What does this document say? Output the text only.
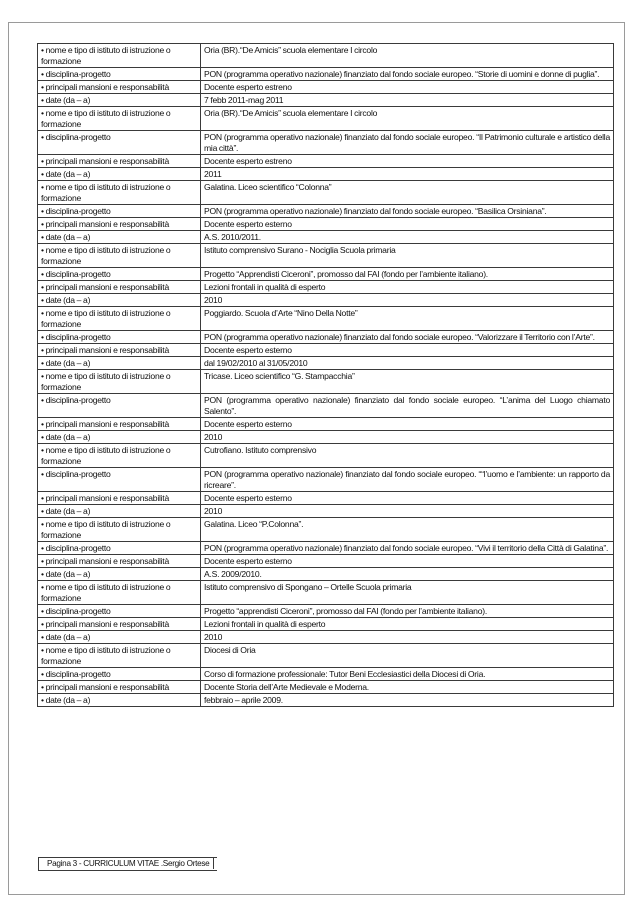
• nome e tipo di istituto di istruzione o formazione	Oria (BR).“De Amicis” scuola elementare I circolo
• disciplina-progetto	PON (programma operativo nazionale) finanziato dal fondo sociale europeo. “Storie di uomini e donne di puglia”.
• principali mansioni e responsabilità	Docente esperto estreno
• date (da – a)	7 febb 2011-mag 2011
• nome e tipo di istituto di istruzione o formazione	Oria (BR).“De Amicis” scuola elementare I circolo
• disciplina-progetto	PON (programma operativo nazionale) finanziato dal fondo sociale europeo. “Il Patrimonio culturale e artistico della mia città”.
• principali mansioni e responsabilità	Docente esperto estreno
• date (da – a)	2011
• nome e tipo di istituto di istruzione o formazione	Galatina. Liceo scientifico “Colonna”
• disciplina-progetto	PON (programma operativo nazionale) finanziato dal fondo sociale europeo. “Basilica Orsiniana”.
• principali mansioni e responsabilità	Docente esperto esterno
• date (da – a)	A.S. 2010/2011.
• nome e tipo di istituto di istruzione o formazione	Istituto comprensivo Surano - Nociglia Scuola primaria
• disciplina-progetto	Progetto “Apprendisti Ciceroni”, promosso dal FAI (fondo per l’ambiente italiano).
• principali mansioni e responsabilità	Lezioni frontali in qualità di esperto
• date (da – a)	2010
• nome e tipo di istituto di istruzione o formazione	Poggiardo. Scuola d’Arte “Nino Della Notte”
• disciplina-progetto	PON (programma operativo nazionale) finanziato dal fondo sociale europeo. “Valorizzare il Territorio con l’Arte”.
• principali mansioni e responsabilità	Docente esperto esterno
• date (da – a)	dal 19/02/2010 al 31/05/2010
• nome e tipo di istituto di istruzione o formazione	Tricase. Liceo scientifico “G. Stampacchia”
• disciplina-progetto	PON (programma operativo nazionale) finanziato dal fondo sociale europeo. “L’anima del Luogo chiamato Salento”.
• principali mansioni e responsabilità	Docente esperto esterno
• date (da – a)	2010
• nome e tipo di istituto di istruzione o formazione	Cutrofiano. Istituto comprensivo
• disciplina-progetto	PON (programma operativo nazionale) finanziato dal fondo sociale europeo. ““l’uomo e l’ambiente: un rapporto da ricreare”.
• principali mansioni e responsabilità	Docente esperto esterno
• date (da – a)	2010
• nome e tipo di istituto di istruzione o formazione	Galatina. Liceo “P.Colonna”.
• disciplina-progetto	PON (programma operativo nazionale) finanziato dal fondo sociale europeo. “Vivi il territorio della Città di Galatina”.
• principali mansioni e responsabilità	Docente esperto esterno
• date (da – a)	A.S. 2009/2010.
• nome e tipo di istituto di istruzione o formazione	Istituto comprensivo di Spongano – Ortelle Scuola primaria
• disciplina-progetto	Progetto “apprendisti Ciceroni”, promosso dal FAI (fondo per l’ambiente italiano).
• principali mansioni e responsabilità	Lezioni frontali in qualità di esperto
• date (da – a)	2010
• nome e tipo di istituto di istruzione o formazione	Diocesi di Oria
• disciplina-progetto	Corso di formazione professionale: Tutor Beni Ecclesiastici della Diocesi di Oria.
• principali mansioni e responsabilità	Docente Storia dell’Arte Medievale e Moderna.
• date (da – a)	febbraio – aprile 2009.
Pagina 3 - CURRICULUM VITAE .Sergio Ortese
